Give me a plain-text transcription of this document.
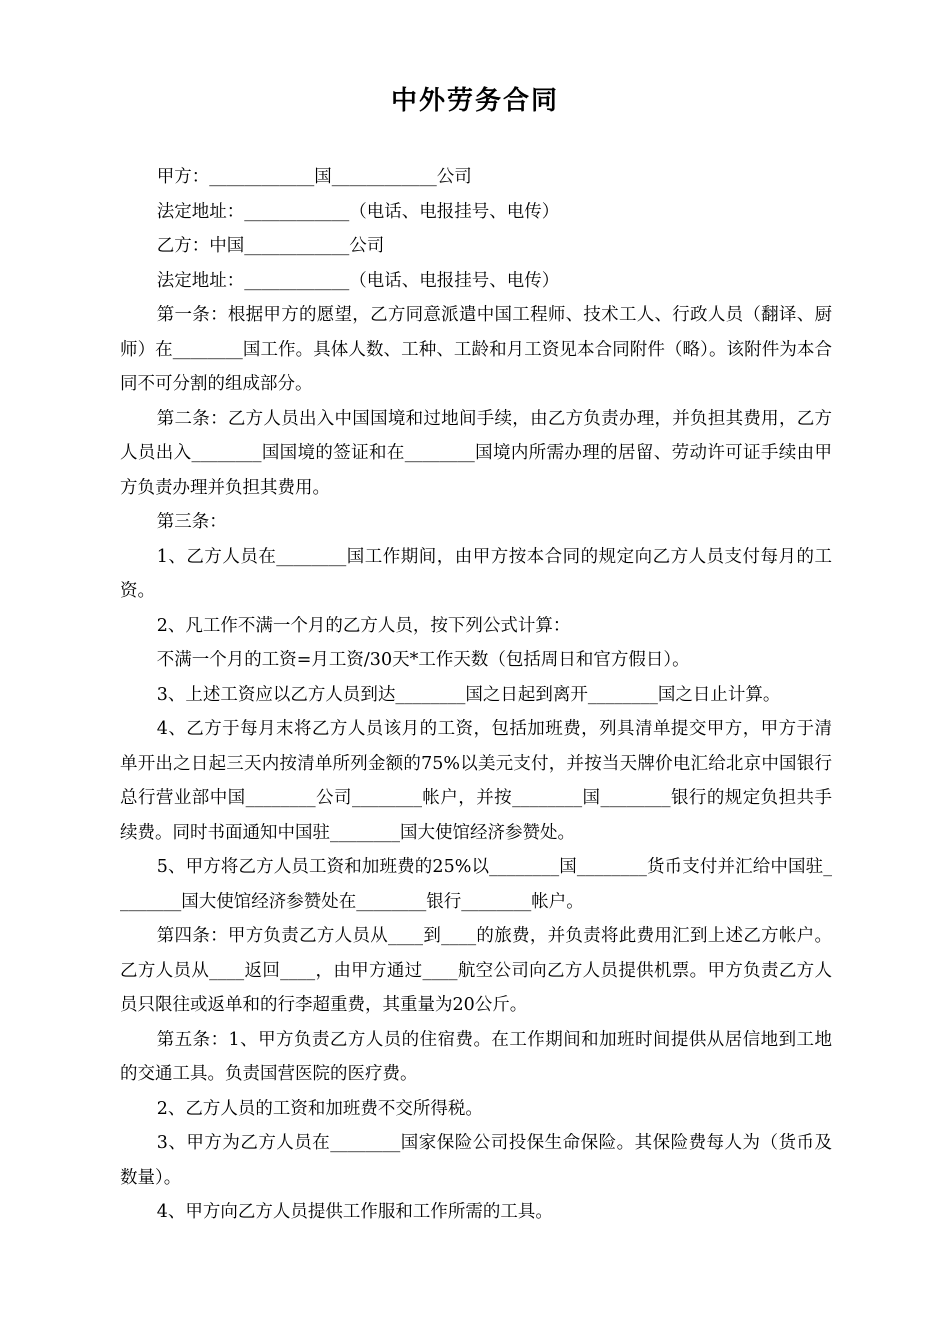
中外劳务合同

甲方：____________国____________公司

法定地址：____________（电话、电报挂号、电传）

乙方：中国____________公司

法定地址：____________（电话、电报挂号、电传）

第一条：根据甲方的愿望，乙方同意派遣中国工程师、技术工人、行政人员（翻译、厨师）在________国工作。具体人数、工种、工龄和月工资见本合同附件（略）。该附件为本合同不可分割的组成部分。

第二条：乙方人员出入中国国境和过地间手续，由乙方负责办理，并负担其费用，乙方人员出入________国国境的签证和在________国境内所需办理的居留、劳动许可证手续由甲方负责办理并负担其费用。

第三条：

1、乙方人员在________国工作期间，由甲方按本合同的规定向乙方人员支付每月的工资。

2、凡工作不满一个月的乙方人员，按下列公式计算：

不满一个月的工资=月工资/30天*工作天数（包括周日和官方假日）。

3、上述工资应以乙方人员到达________国之日起到离开________国之日止计算。

4、乙方于每月末将乙方人员该月的工资，包括加班费，列具清单提交甲方，甲方于清单开出之日起三天内按清单所列金额的75%以美元支付，并按当天牌价电汇给北京中国银行总行营业部中国________公司________帐户，并按________国________银行的规定负担共手续费。同时书面通知中国驻________国大使馆经济参赞处。

5、甲方将乙方人员工资和加班费的25%以________国________货币支付并汇给中国驻________国大使馆经济参赞处在________银行________帐户。

第四条：甲方负责乙方人员从____到____的旅费，并负责将此费用汇到上述乙方帐户。乙方人员从____返回____，由甲方通过____航空公司向乙方人员提供机票。甲方负责乙方人员只限往或返单和的行李超重费，其重量为20公斤。

第五条：1、甲方负责乙方人员的住宿费。在工作期间和加班时间提供从居信地到工地的交通工具。负责国营医院的医疗费。

2、乙方人员的工资和加班费不交所得税。

3、甲方为乙方人员在________国家保险公司投保生命保险。其保险费每人为（货币及数量）。

4、甲方向乙方人员提供工作服和工作所需的工具。
